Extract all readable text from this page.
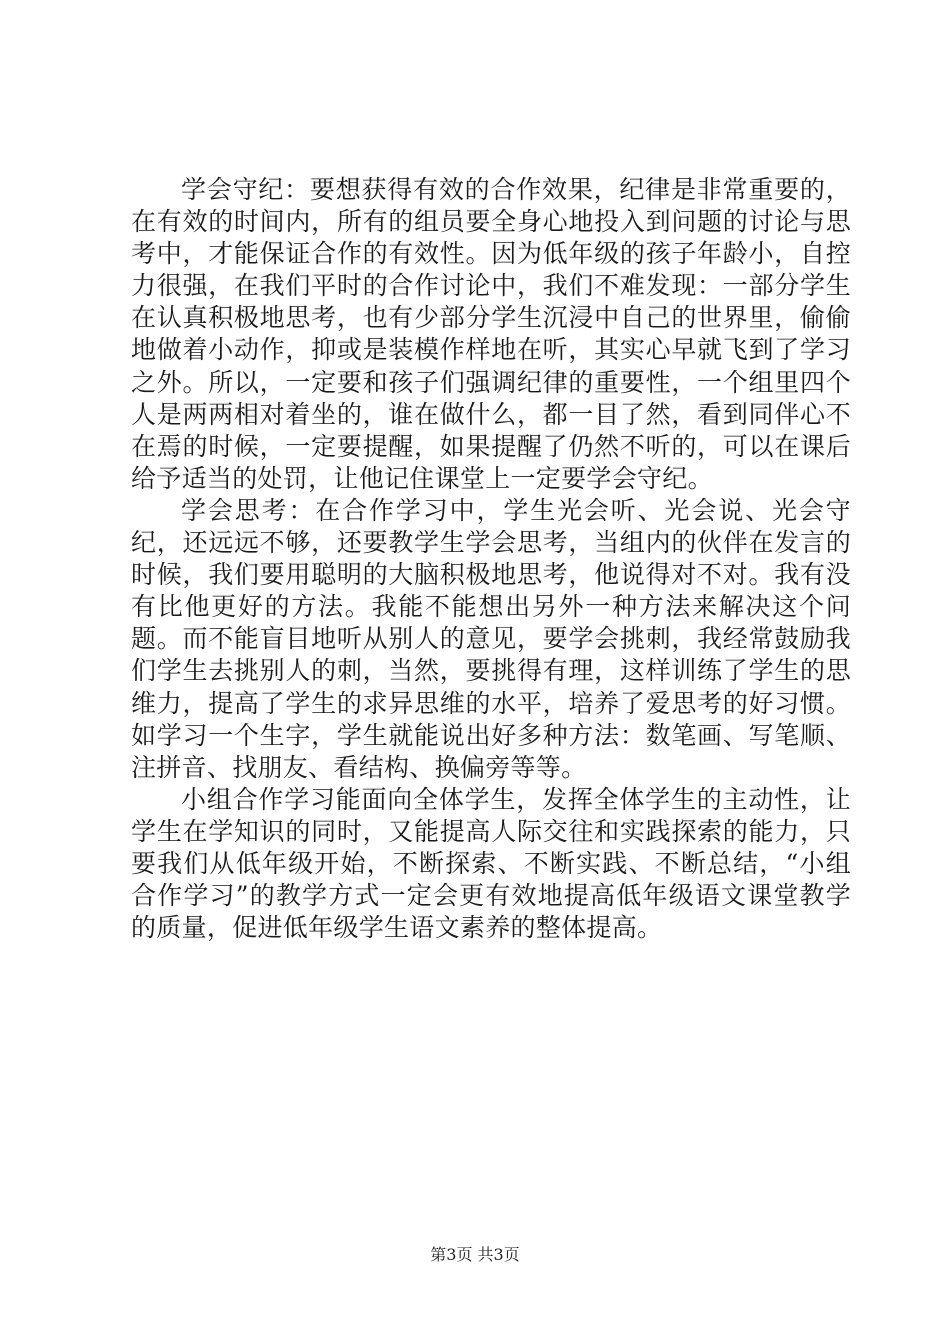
学会守纪：要想获得有效的合作效果，纪律是非常重要的，在有效的时间内，所有的组员要全身心地投入到问题的讨论与思考中，才能保证合作的有效性。因为低年级的孩子年龄小，自控力很强，在我们平时的合作讨论中，我们不难发现：一部分学生在认真积极地思考，也有少部分学生沉浸中自己的世界里，偷偷地做着小动作，抑或是装模作样地在听，其实心早就飞到了学习之外。所以，一定要和孩子们强调纪律的重要性，一个组里四个人是两两相对着坐的，谁在做什么，都一目了然，看到同伴心不在焉的时候，一定要提醒，如果提醒了仍然不听的，可以在课后给予适当的处罚，让他记住课堂上一定要学会守纪。

学会思考：在合作学习中，学生光会听、光会说、光会守纪，还远远不够，还要教学生学会思考，当组内的伙伴在发言的时候，我们要用聪明的大脑积极地思考，他说得对不对。我有没有比他更好的方法。我能不能想出另外一种方法来解决这个问题。而不能盲目地听从别人的意见，要学会挑刺，我经常鼓励我们学生去挑别人的刺，当然，要挑得有理，这样训练了学生的思维力，提高了学生的求异思维的水平，培养了爱思考的好习惯。如学习一个生字，学生就能说出好多种方法：数笔画、写笔顺、注拼音、找朋友、看结构、换偏旁等等。

小组合作学习能面向全体学生，发挥全体学生的主动性，让学生在学知识的同时，又能提高人际交往和实践探索的能力，只要我们从低年级开始，不断探索、不断实践、不断总结，“小组合作学习”的教学方式一定会更有效地提高低年级语文课堂教学的质量，促进低年级学生语文素养的整体提高。

第3页 共3页
